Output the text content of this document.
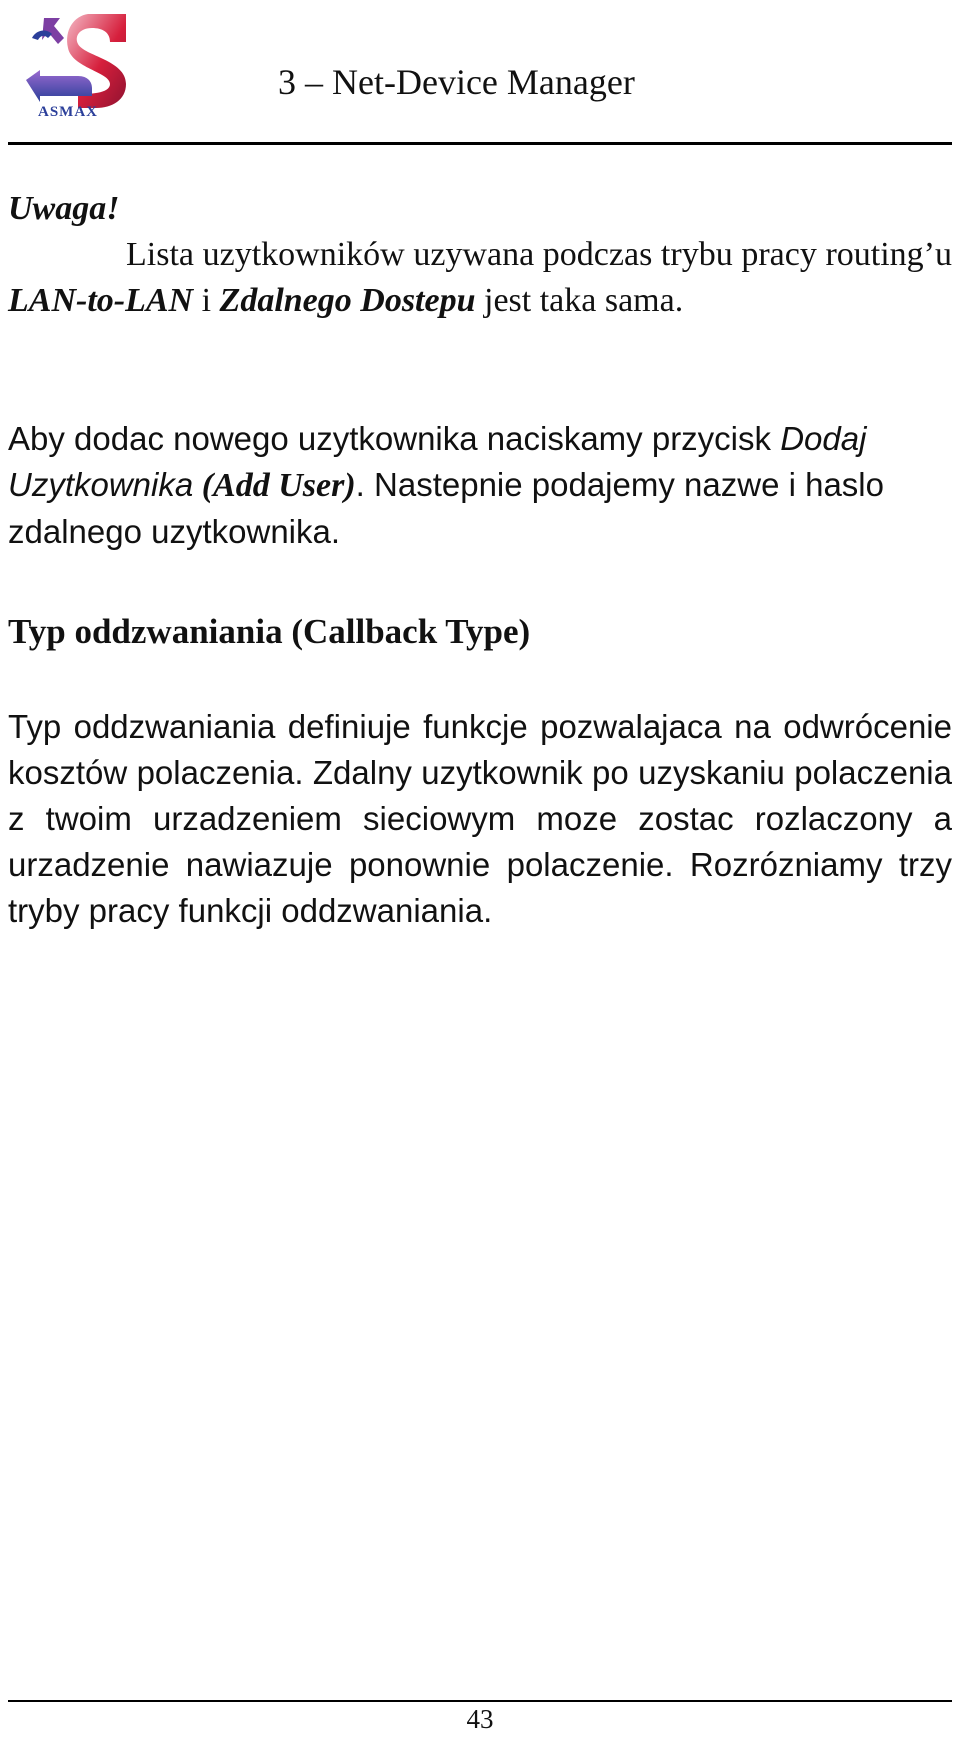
ASMAX
3 – Net-Device Manager
Uwaga!
Lista uzytkowników uzywana podczas trybu pracy routing’u LAN-to-LAN i Zdalnego Dostepu jest taka sama.
Aby dodac nowego uzytkownika naciskamy przycisk Dodaj Uzytkownika (Add User). Nastepnie podajemy nazwe i haslo zdalnego uzytkownika.
Typ oddzwaniania (Callback Type)
Typ oddzwaniania definiuje funkcje pozwalajaca na odwrócenie kosztów polaczenia. Zdalny uzytkownik po uzyskaniu polaczenia z twoim urzadzeniem sieciowym moze zostac rozlaczony a urzadzenie nawiazuje ponownie polaczenie. Rozrózniamy trzy tryby pracy funkcji oddzwaniania.
43
